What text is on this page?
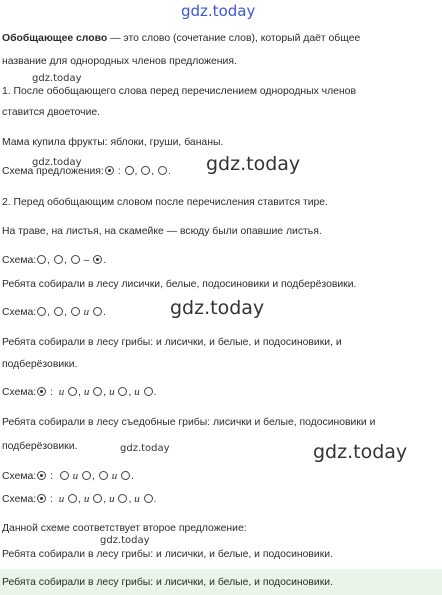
gdz.today
gdz.today
gdz.today	gdz.today
gdz.today
gdz.today	gdz.today
gdz.today
Обобщающее слово — это слово (сочетание слов), который даёт общее
название для однородных членов предложения.
1. После обобщающего слова перед перечислением однородных членов
ставится двоеточие.
Мама купила фрукты: яблоки, груши, бананы.
Схема предложения: : , , .
2. Перед обобщающим словом после перечисления ставится тире.
На траве, на листья, на скамейке — всюду были опавшие листья.
Схема: , ,  – .
Ребята собирали в лесу лисички, белые, подосиновики и подберёзовики.
Схема: , ,  и .
Ребята собирали в лесу грибы: и лисички, и белые, и подосиновики, и
подберёзовики.
Схема: :  и , и , и , и .
Ребята собирали в лесу съедобные грибы: лисички и белые, подосиновики и
подберёзовики.
Схема: :   и ,  и .
Схема: :  и , и , и , и .
Данной схеме соответствует второе предложение:
Ребята собирали в лесу грибы: и лисички, и белые, и подосиновики.
Ребята собирали в лесу грибы: и лисички, и белые, и подосиновики.
